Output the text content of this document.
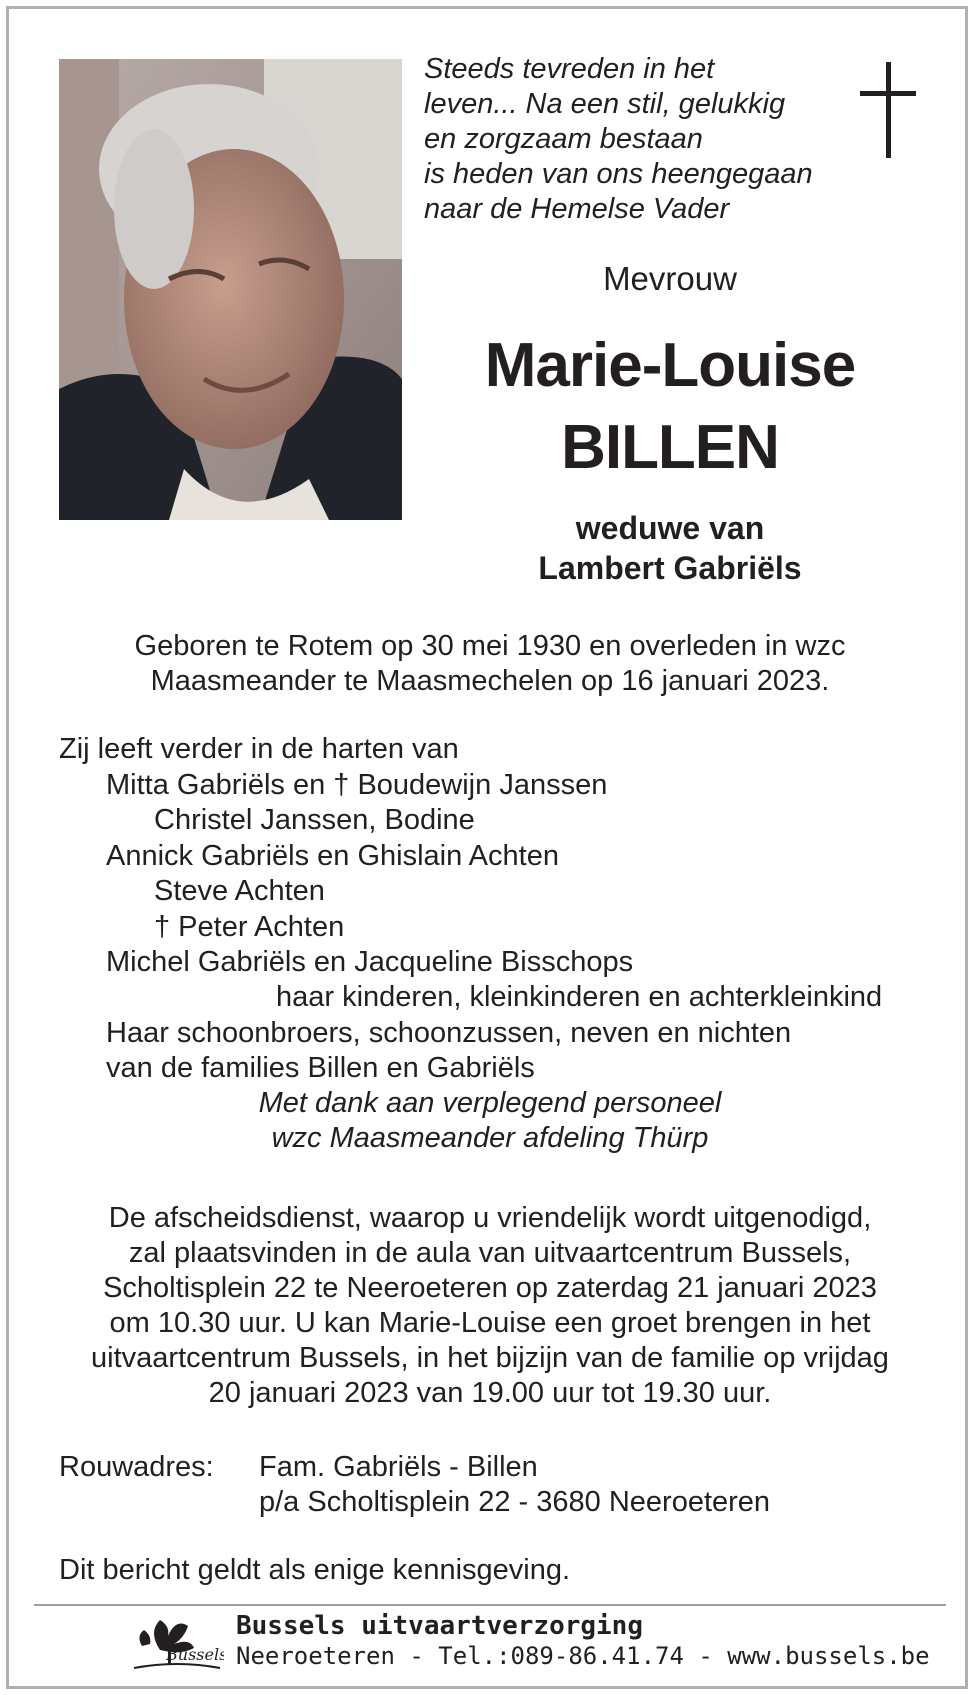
Steeds tevreden in het
leven... Na een stil, gelukkig
en zorgzaam bestaan
is heden van ons heengegaan
naar de Hemelse Vader
Mevrouw
Marie-Louise
BILLEN
weduwe van
Lambert Gabriëls
Geboren te Rotem op 30 mei 1930 en overleden in wzc
Maasmeander te Maasmechelen op 16 januari 2023.
Zij leeft verder in de harten van
Mitta Gabriëls en † Boudewijn Janssen
Christel Janssen, Bodine
Annick Gabriëls en Ghislain Achten
Steve Achten
† Peter Achten
Michel Gabriëls en Jacqueline Bisschops
haar kinderen, kleinkinderen en achterkleinkind
Haar schoonbroers, schoonzussen, neven en nichten
van de families Billen en Gabriëls
Met dank aan verplegend personeel
wzc Maasmeander afdeling Thürp
De afscheidsdienst, waarop u vriendelijk wordt uitgenodigd,
zal plaatsvinden in de aula van uitvaartcentrum Bussels,
Scholtisplein 22 te Neeroeteren op zaterdag 21 januari 2023
om 10.30 uur. U kan Marie-Louise een groet brengen in het
uitvaartcentrum Bussels, in het bijzijn van de familie op vrijdag
20 januari 2023 van 19.00 uur tot 19.30 uur.
Rouwadres: Fam. Gabriëls - Billen
p/a Scholtisplein 22 - 3680 Neeroeteren
Dit bericht geldt als enige kennisgeving.
Bussels
Bussels uitvaartverzorging
Neeroeteren - Tel.:089-86.41.74 - www.bussels.be
